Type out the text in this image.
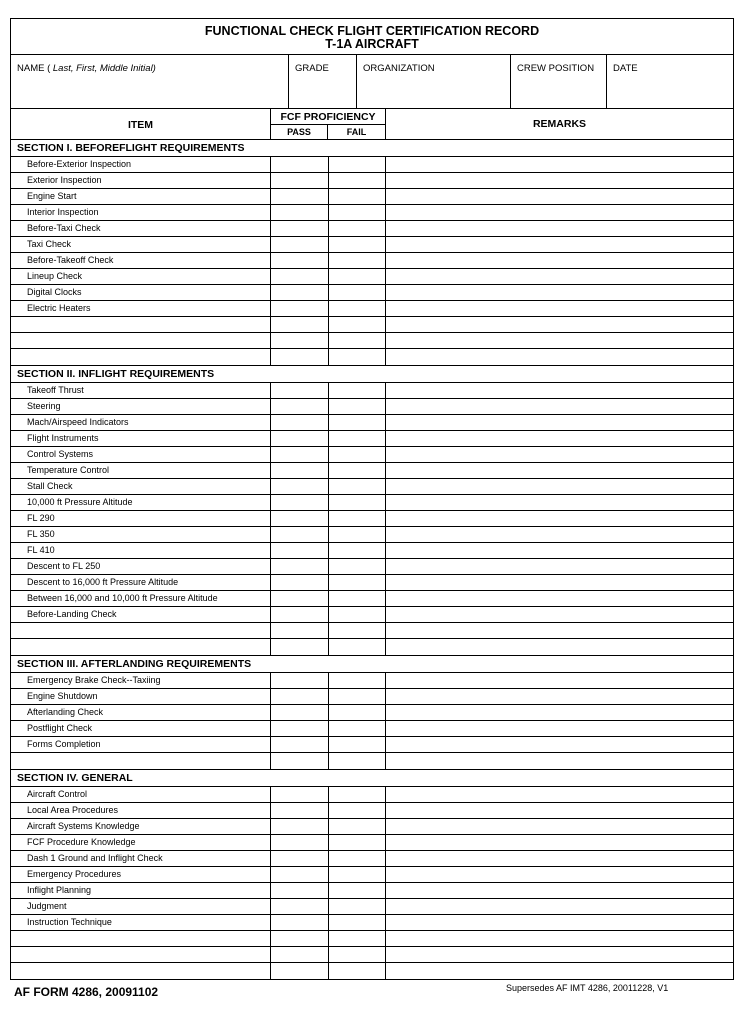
FUNCTIONAL CHECK FLIGHT CERTIFICATION RECORD
T-1A AIRCRAFT
NAME ( Last, First, Middle Initial)	GRADE	ORGANIZATION	CREW POSITION	DATE
ITEM
FCF PROFICIENCY
PASS	FAIL
REMARKS
SECTION I. BEFOREFLIGHT REQUIREMENTS
Before-Exterior Inspection
Exterior Inspection
Engine Start
Interior Inspection
Before-Taxi Check
Taxi Check
Before-Takeoff Check
Lineup Check
Digital Clocks
Electric Heaters
SECTION II. INFLIGHT REQUIREMENTS
Takeoff Thrust
Steering
Mach/Airspeed Indicators
Flight Instruments
Control Systems
Temperature Control
Stall Check
10,000 ft Pressure Altitude
FL 290
FL 350
FL 410
Descent to FL 250
Descent to 16,000 ft Pressure Altitude
Between 16,000 and 10,000 ft Pressure Altitude
Before-Landing Check
SECTION III. AFTERLANDING REQUIREMENTS
Emergency Brake Check--Taxiing
Engine Shutdown
Afterlanding Check
Postflight Check
Forms Completion
SECTION IV. GENERAL
Aircraft Control
Local Area Procedures
Aircraft Systems Knowledge
FCF Procedure Knowledge
Dash 1 Ground and Inflight Check
Emergency Procedures
Inflight Planning
Judgment
Instruction Technique
AF FORM 4286, 20091102	Supersedes AF IMT 4286, 20011228, V1
